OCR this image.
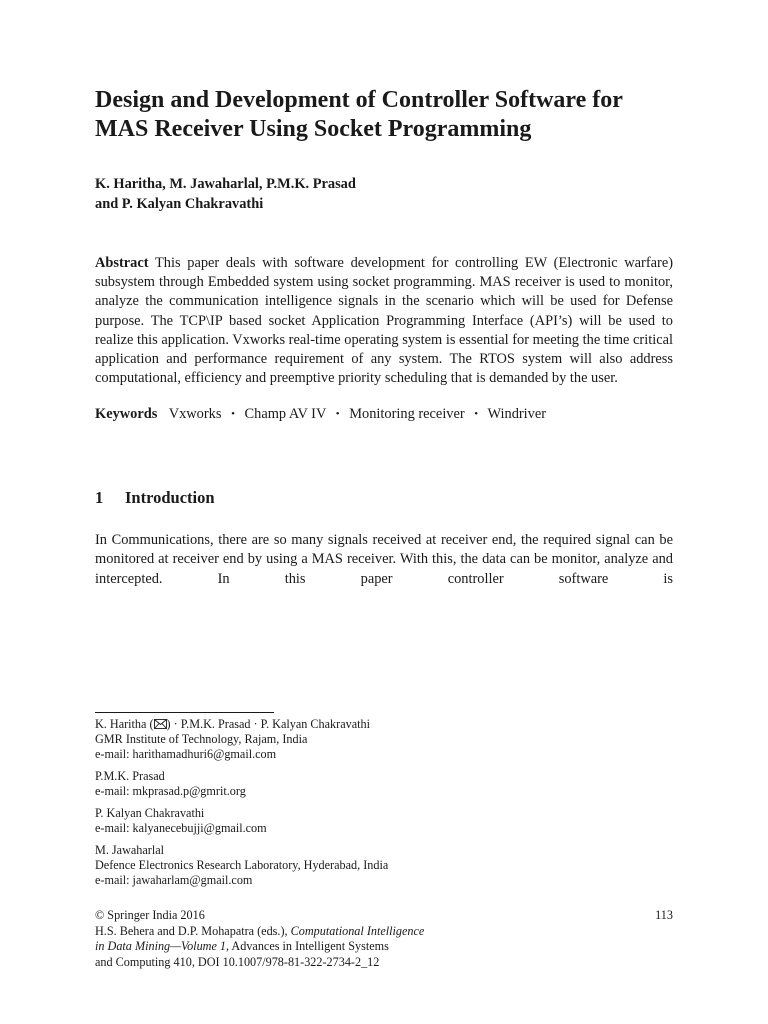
Design and Development of Controller Software for MAS Receiver Using Socket Programming
K. Haritha, M. Jawaharlal, P.M.K. Prasad
and P. Kalyan Chakravathi
Abstract This paper deals with software development for controlling EW (Electronic warfare) subsystem through Embedded system using socket programming. MAS receiver is used to monitor, analyze the communication intelligence signals in the scenario which will be used for Defense purpose. The TCP\IP based socket Application Programming Interface (API’s) will be used to realize this application. Vxworks real-time operating system is essential for meeting the time critical application and performance requirement of any system. The RTOS system will also address computational, efficiency and preemptive priority scheduling that is demanded by the user.
Keywords Vxworks • Champ AV IV • Monitoring receiver • Windriver
1 Introduction
In Communications, there are so many signals received at receiver end, the required signal can be monitored at receiver end by using a MAS receiver. With this, the data can be monitor, analyze and intercepted. In this paper controller software is
K. Haritha ( ) · P.M.K. Prasad · P. Kalyan Chakravathi
GMR Institute of Technology, Rajam, India
e-mail: harithamadhuri6@gmail.com
P.M.K. Prasad
e-mail: mkprasad.p@gmrit.org
P. Kalyan Chakravathi
e-mail: kalyanecebujji@gmail.com
M. Jawaharlal
Defence Electronics Research Laboratory, Hyderabad, India
e-mail: jawaharlam@gmail.com
© Springer India 2016
H.S. Behera and D.P. Mohapatra (eds.), Computational Intelligence
in Data Mining—Volume 1, Advances in Intelligent Systems
and Computing 410, DOI 10.1007/978-81-322-2734-2_12
113
